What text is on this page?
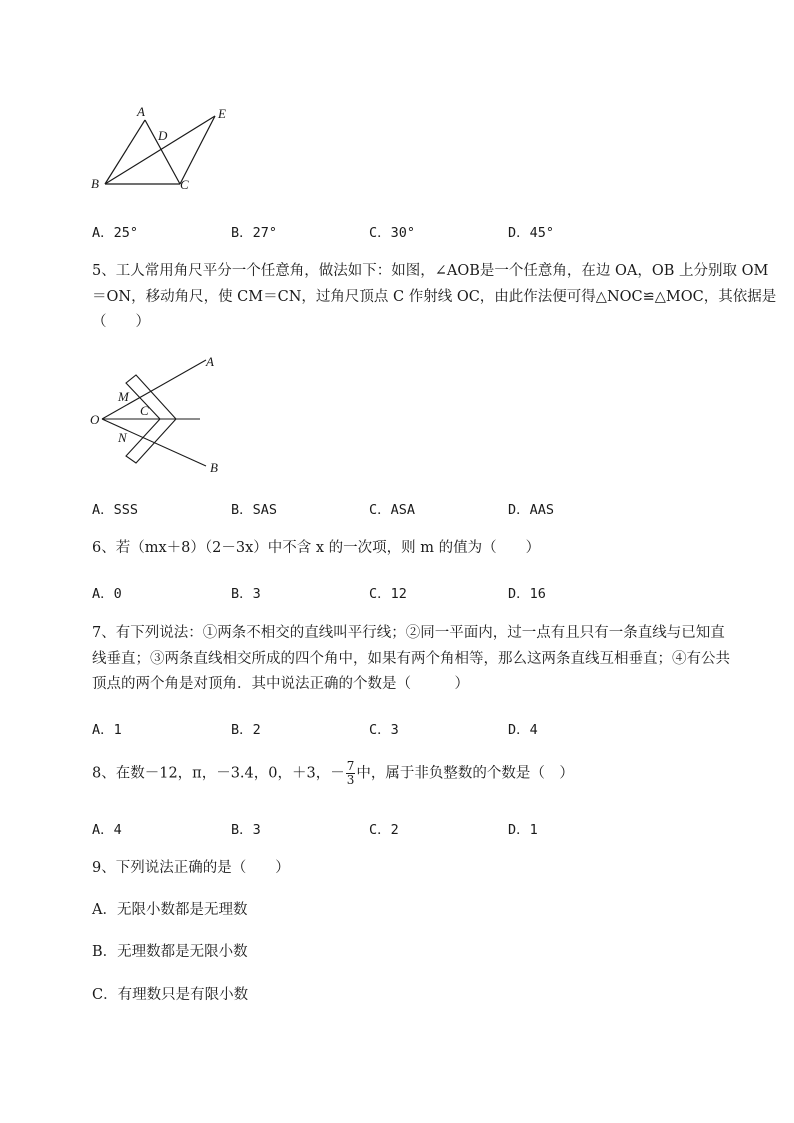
A
B	C
D
E
A．25°	B．27°	C．30°	D．45°
5、工人常用角尺平分一个任意角，做法如下：如图，∠AOB是一个任意角，在边 OA，OB 上分别取 OM
＝ON，移动角尺，使 CM＝CN，过角尺顶点 C 作射线 OC，由此作法便可得△NOC≌△MOC，其依据是
（　　）
O
A
B
M
N
C
A．SSS	B．SAS	C．ASA	D．AAS
6、若（mx＋8）（2－3x）中不含 x 的一次项，则 m 的值为（　　）
A．0	B．3	C．12	D．16
7、有下列说法：①两条不相交的直线叫平行线；②同一平面内，过一点有且只有一条直线与已知直
线垂直；③两条直线相交所成的四个角中，如果有两个角相等，那么这两条直线互相垂直；④有公共
顶点的两个角是对顶角．其中说法正确的个数是（　　　）
A．1	B．2	C．3	D．4
8、在数－12，π，－3.4，0，＋3，－ $\frac{7}{3}$ 中，属于非负整数的个数是（　）
A．4	B．3	C．2	D．1
9、下列说法正确的是（　　）
A．无限小数都是无理数
B．无理数都是无限小数
C．有理数只是有限小数
